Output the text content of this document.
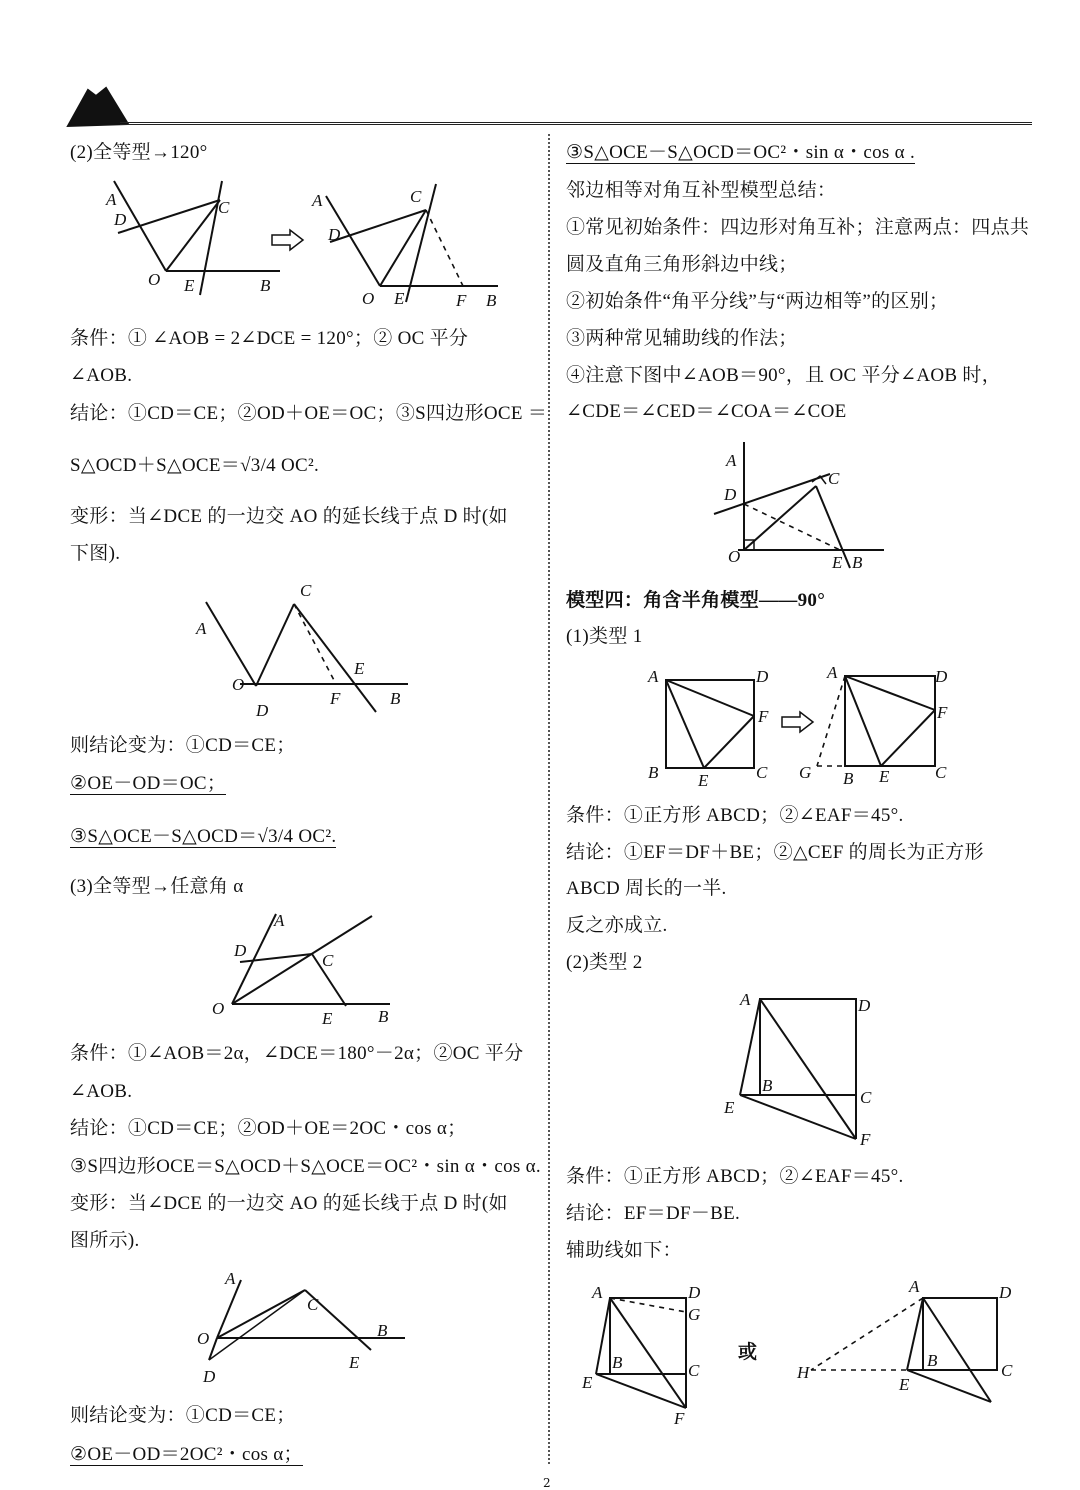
(2)全等型→120°

A
D
C
O E	B
A
D
C
O E	F B

条件：① ∠AOB = 2∠DCE = 120°；② OC 平分

∠AOB.

结论：①CD＝CE；②OD＋OE＝OC；③S四边形OCE ＝

S△OCD＋S△OCE＝√3/4 OC².

变形：当∠DCE 的一边交 AO 的延长线于点 D 时(如

下图).

A
C
O
D
E
F	B

则结论变为：①CD＝CE；

②OE－OD＝OC；

③S△OCE－S△OCD＝√3/4 OC².

(3)全等型→任意角 α

A
D
C
O
E	B

条件：①∠AOB＝2α，∠DCE＝180°－2α；②OC 平分

∠AOB.

结论：①CD＝CE；②OD＋OE＝2OC・cos α；

③S四边形OCE＝S△OCD＋S△OCE＝OC²・sin α・cos α.

变形：当∠DCE 的一边交 AO 的延长线于点 D 时(如

图所示).

A
C
O
D
B
E

则结论变为：①CD＝CE；

②OE－OD＝2OC²・cos α；

③S△OCE－S△OCD＝OC²・sin α・cos α .

邻边相等对角互补型模型总结：

①常见初始条件：四边形对角互补；注意两点：四点共

圆及直角三角形斜边中线；

②初始条件“角平分线”与“两边相等”的区别；

③两种常见辅助线的作法；

④注意下图中∠AOB＝90°，且 OC 平分∠AOB 时，

∠CDE＝∠CED＝∠COA＝∠COE

A
D
C
O	E B

模型四：角含半角模型——90°

(1)类型 1

A	D
F
B E	C
A	D
F
G B E	C

条件：①正方形 ABCD；②∠EAF＝45°.

结论：①EF＝DF＋BE；②△CEF 的周长为正方形

ABCD 周长的一半.

反之亦成立.

(2)类型 2

A	D
B
C
E
F

条件：①正方形 ABCD；②∠EAF＝45°.

结论：EF＝DF－BE.

辅助线如下：

A	D
G
B	C
E
F

或

A	D
B
C
H
E

2
